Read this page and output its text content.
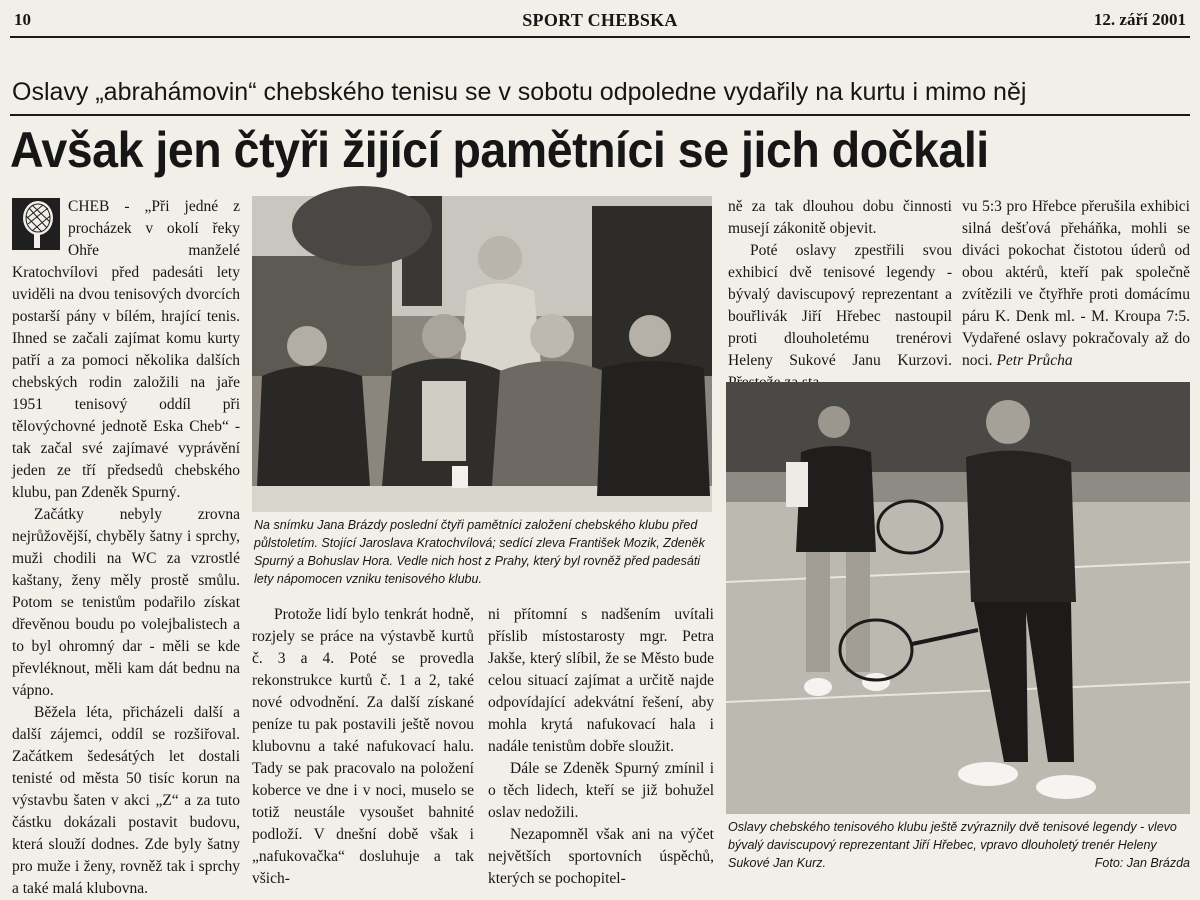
10	SPORT CHEBSKA	12. září 2001
Oslavy „abrahámovin“ chebského tenisu se v sobotu odpoledne vydařily na kurtu i mimo něj
Avšak jen čtyři žijící pamětníci se jich dočkali

CHEB - „Při jedné z procházek v okolí řeky Ohře manželé Kratochvílovi před padesáti lety uviděli na dvou tenisových dvorcích postarší pány v bílém, hrající tenis. Ihned se začali zajímat komu kurty patří a za pomoci několika dalších chebských rodin založili na jaře 1951 tenisový oddíl při tělovýchovné jednotě Eska Cheb“ - tak začal své zajímavé vyprávění jeden ze tří předsedů chebského klubu, pan Zdeněk Spurný.

Začátky nebyly zrovna nejrůžovější, chyběly šatny i sprchy, muži chodili na WC za vzrostlé kaštany, ženy měly prostě smůlu. Potom se tenistům podařilo získat dřevěnou boudu po volejbalistech a to byl ohromný dar - měli se kde převléknout, měli kam dát bednu na vápno.

Běžela léta, přicházeli další a další zájemci, oddíl se rozšiřoval. Začátkem šedesátých let dostali tenisté od města 50 tisíc korun na výstavbu šaten v akci „Z“ a za tuto částku dokázali postavit budovu, která slouží dodnes. Zde byly šatny pro muže i ženy, rovněž tak i sprchy a také malá klubovna.

Na snímku Jana Brázdy poslední čtyři pamětníci založení chebského klubu před půlstoletím. Stojící Jaroslava Kratochvílová; sedící zleva František Mozik, Zdeněk Spurný a Bohuslav Hora. Vedle nich host z Prahy, který byl rovněž před padesáti lety nápomocen vzniku tenisového klubu.

Protože lidí bylo tenkrát hodně, rozjely se práce na výstavbě kurtů č. 3 a 4. Poté se provedla rekonstrukce kurtů č. 1 a 2, také nové odvodnění. Za další získané peníze tu pak postavili ještě novou klubovnu a také nafukovací halu. Tady se pak pracovalo na položení koberce ve dne i v noci, muselo se totiž neustále vysoušet bahnité podloží. V dnešní době však i „nafukovačka“ dosluhuje a tak všich-

ni přítomní s nadšením uvítali příslib místostarosty mgr. Petra Jakše, který slíbil, že se Město bude celou situací zajímat a určitě najde odpovídající adekvátní řešení, aby mohla krytá nafukovací hala i nadále tenistům dobře sloužit.

Dále se Zdeněk Spurný zmínil i o těch lidech, kteří se již bohužel oslav nedožili.

Nezapomněl však ani na výčet největších sportovních úspěchů, kterých se pochopitel-

ně za tak dlouhou dobu činnosti musejí zákonitě objevit.

Poté oslavy zpestřili svou exhibicí dvě tenisové legendy - bývalý daviscupový reprezentant a bouřlivák Jiří Hřebec nastoupil proti dlouholetému trenérovi Heleny Sukové Janu Kurzovi.

vu 5:3 pro Hřebce přerušila exhibici silná dešťová přeháňka, mohli se diváci pokochat čistotou úderů od obou aktérů, kteří pak společně zvítězili ve čtyřhře proti domácímu páru K. Denk ml. - M. Kroupa 7:5. Vydařené oslavy pokračovaly až do noci. Petr Průcha

Oslavy chebského tenisového klubu ještě zvýraznily dvě tenisové legendy - vlevo bývalý daviscupový reprezentant Jiří Hřebec, vpravo dlouholetý trenér Heleny Sukové Jan Kurz.	Foto: Jan Brázda
